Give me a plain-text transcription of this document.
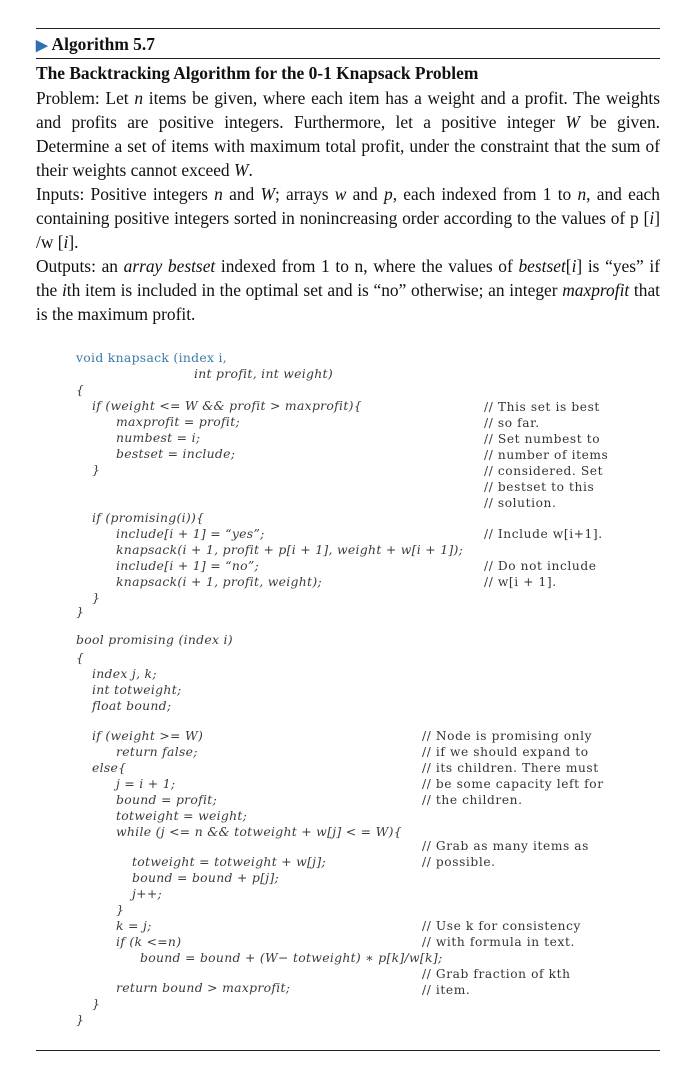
▶ Algorithm 5.7

The Backtracking Algorithm for the 0-1 Knapsack Problem

Problem: Let n items be given, where each item has a weight and a profit. The weights and profits are positive integers. Furthermore, let a positive integer W be given. Determine a set of items with maximum total profit, under the constraint that the sum of their weights cannot exceed W.

Inputs: Positive integers n and W; arrays w and p, each indexed from 1 to n, and each containing positive integers sorted in nonincreasing order according to the values of p [i] /w [i].

Outputs: an array bestset indexed from 1 to n, where the values of bestset[i] is “yes” if the ith item is included in the optimal set and is “no” otherwise; an integer maxprofit that is the maximum profit.

void knapsack (index i,
int profit, int weight)
{
if (weight <= W && profit > maxprofit){
maxprofit = profit;
numbest = i;
bestset = include;
}
if (promising(i)){
include[i + 1] = “yes”;
knapsack(i + 1, profit + p[i + 1], weight + w[i + 1]);
include[i + 1] = “no”;
knapsack(i + 1, profit, weight);
}
}
bool promising (index i)
{
index j, k;
int totweight;
float bound;
if (weight >= W)
return false;
else{
j = i + 1;
bound = profit;
totweight = weight;
while (j <= n && totweight + w[j] < = W){
totweight = totweight + w[j];
bound = bound + p[j];
j++;
}
k = j;
if (k <=n)
bound = bound + (W− totweight) ∗ p[k]/w[k];
return bound > maxprofit;
}
}
// This set is best
// so far.
// Set numbest to
// number of items
// considered. Set
// bestset to this
// solution.
// Include w[i+1].
// Do not include
// w[i + 1].
// Node is promising only
// if we should expand to
// its children. There must
// be some capacity left for
// the children.
// Grab as many items as
// possible.
// Use k for consistency
// with formula in text.
// Grab fraction of kth
// item.
